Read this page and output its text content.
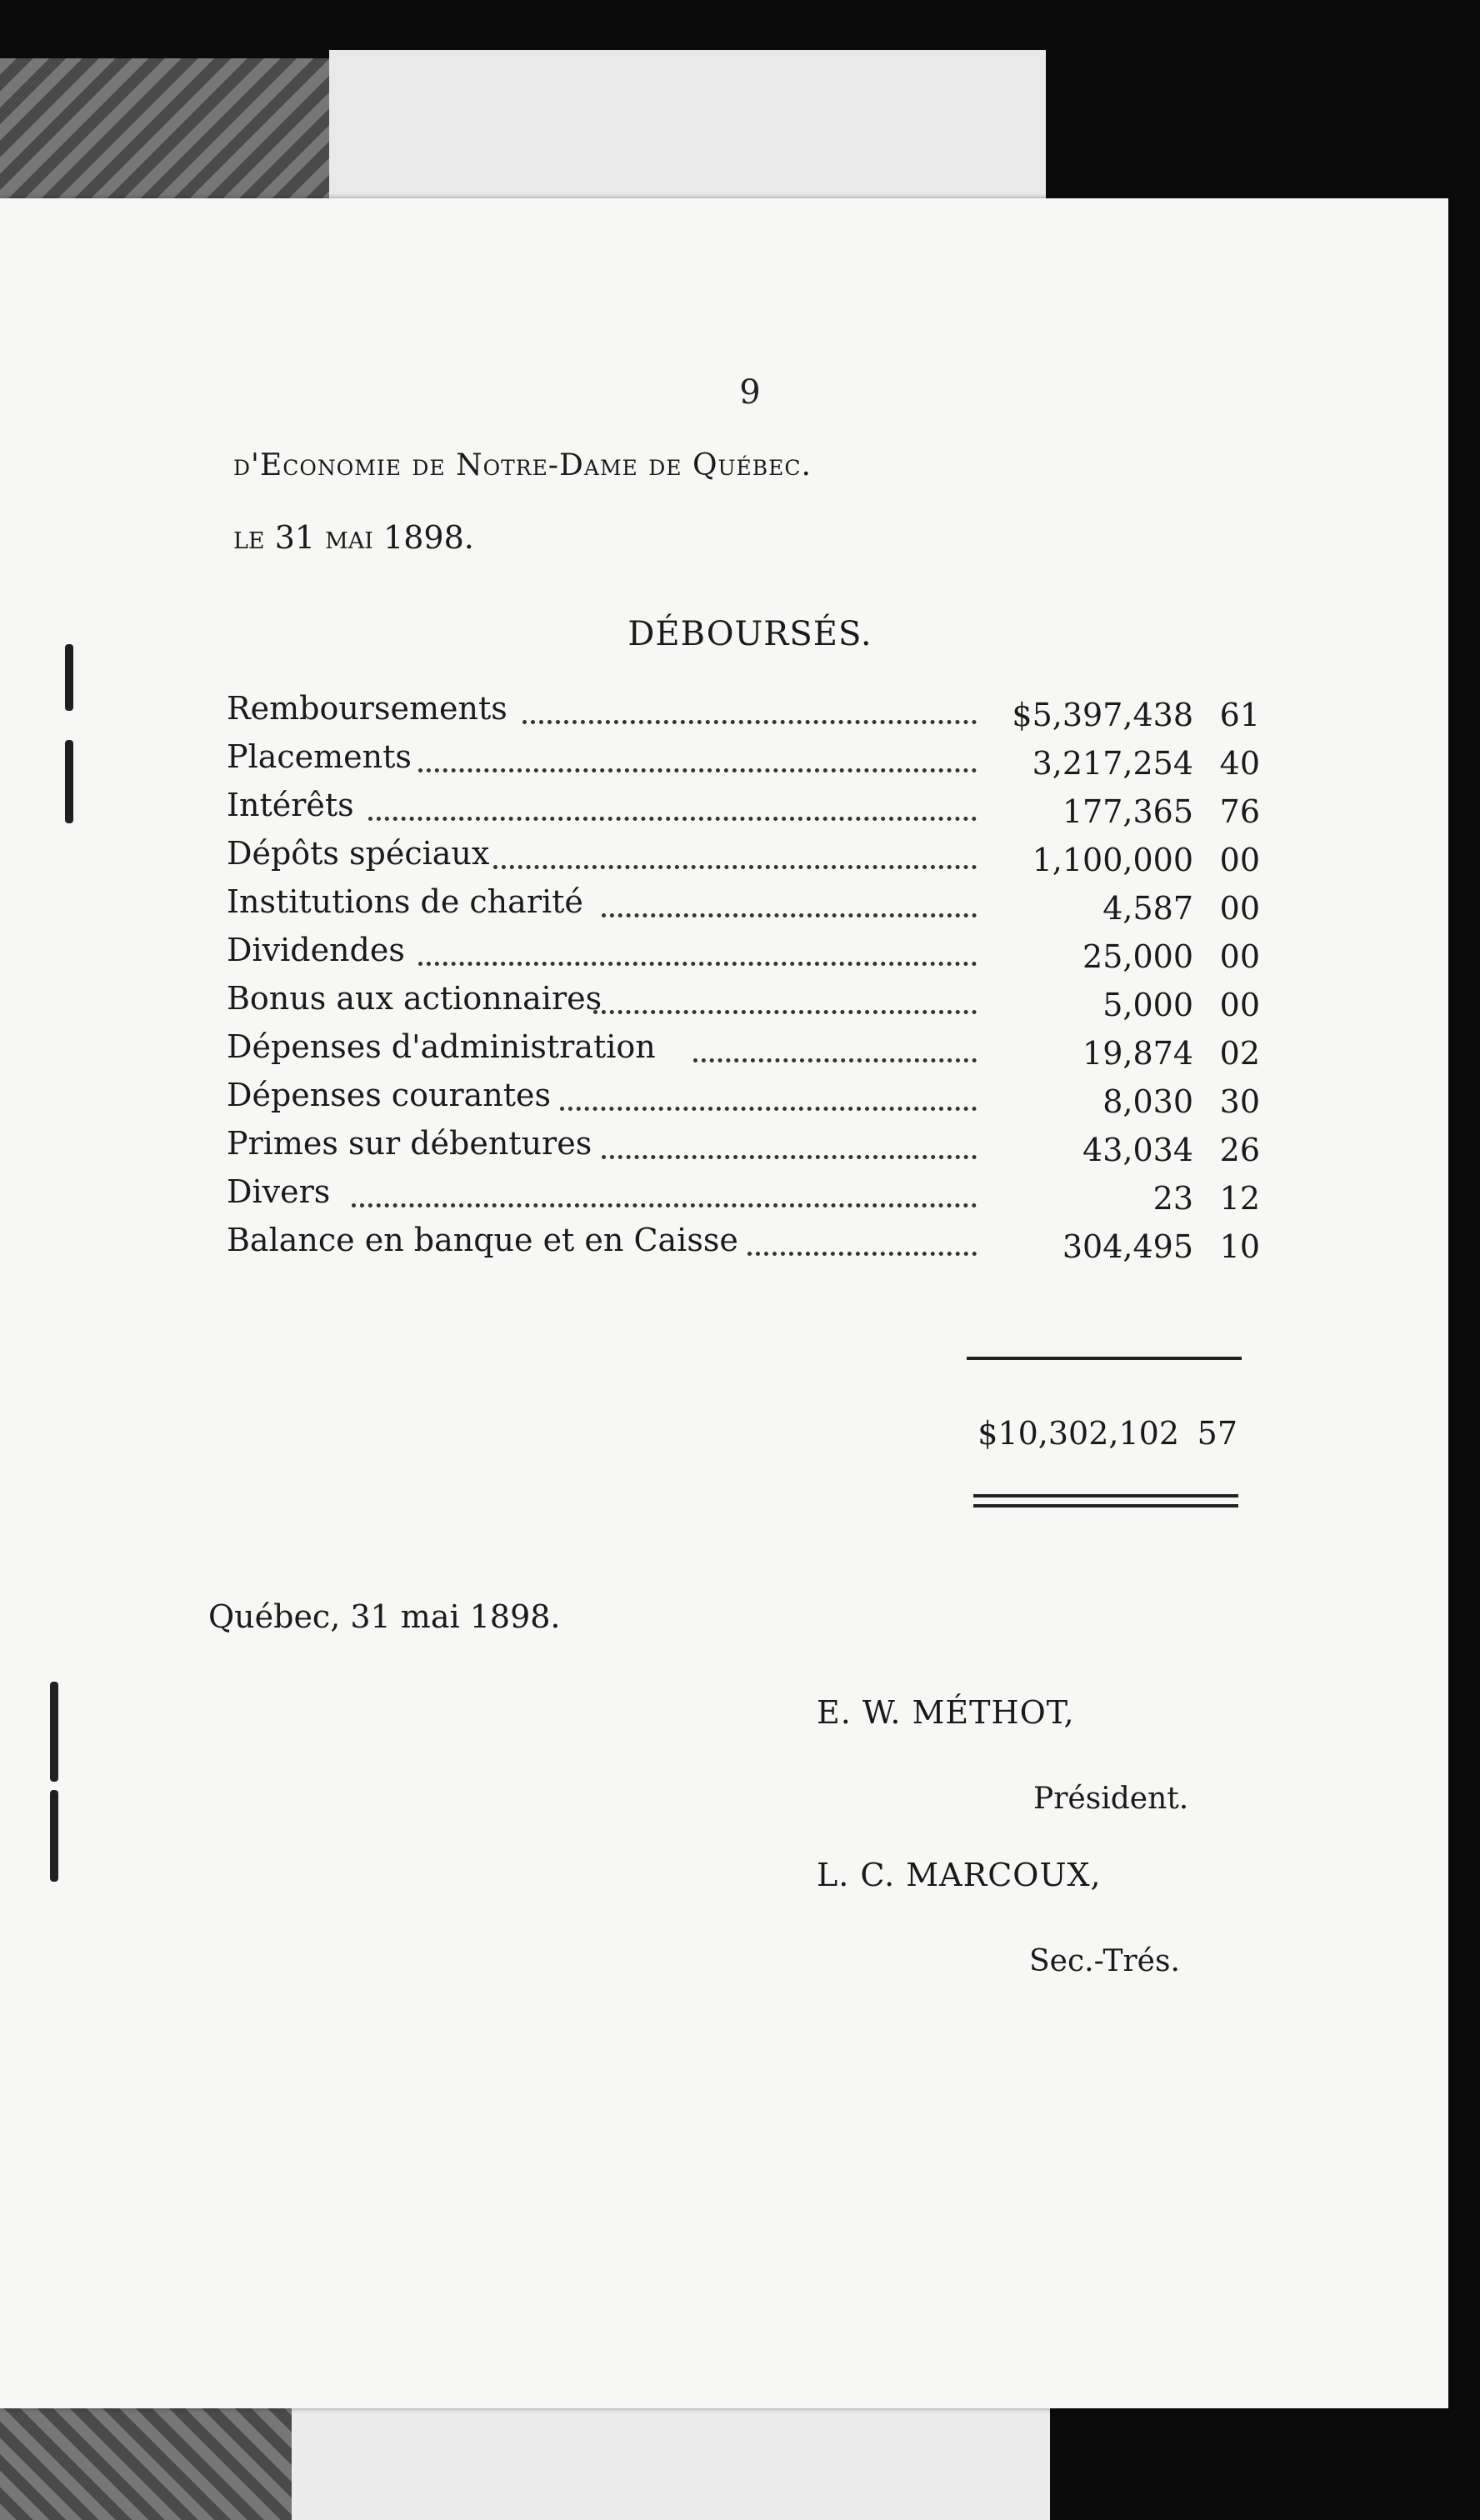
9
d'Economie de Notre-Dame de Québec.
le 31 mai 1898.
DÉBOURSÉS.
Remboursements	$5,397,438 61
Placements	3,217,254 40
Intérêts	177,365 76
Dépôts spéciaux	1,100,000 00
Institutions de charité	4,587 00
Dividendes	25,000 00
Bonus aux actionnaires	5,000 00
Dépenses d'administration	19,874 02
Dépenses courantes	8,030 30
Primes sur débentures	43,034 26
Divers	23 12
Balance en banque et en Caisse	304,495 10
$10,302,102 57
Québec, 31 mai 1898.
E. W. MÉTHOT,
Président.
L. C. MARCOUX,
Sec.-Trés.
